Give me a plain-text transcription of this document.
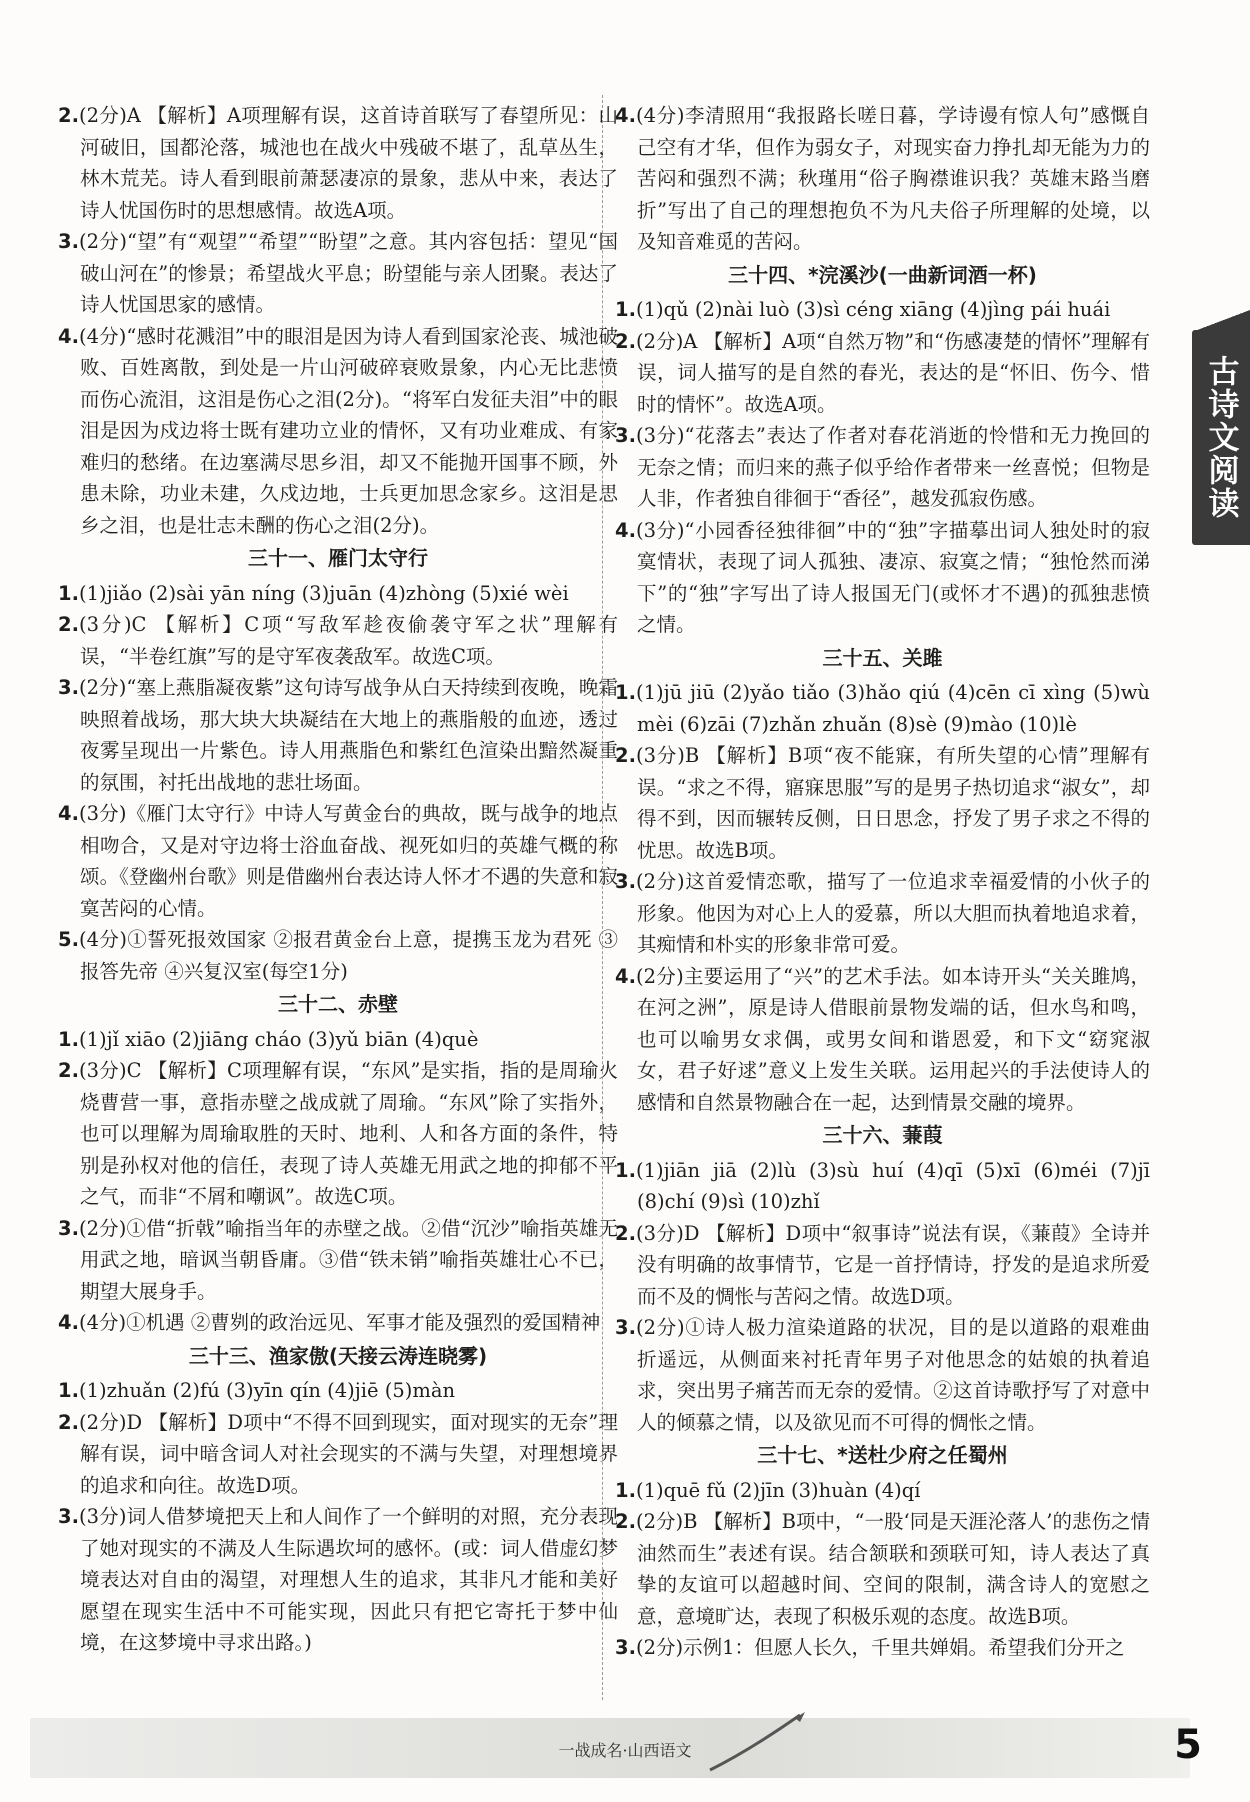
2.(2分)A 【解析】A项理解有误，这首诗首联写了春望所见：山河破旧，国都沦落，城池也在战火中残破不堪了，乱草丛生，林木荒芜。诗人看到眼前萧瑟凄凉的景象，悲从中来，表达了诗人忧国伤时的思想感情。故选A项。

3.(2分)“望”有“观望”“希望”“盼望”之意。其内容包括：望见“国破山河在”的惨景；希望战火平息；盼望能与亲人团聚。表达了诗人忧国思家的感情。

4.(4分)“感时花溅泪”中的眼泪是因为诗人看到国家沦丧、城池破败、百姓离散，到处是一片山河破碎衰败景象，内心无比悲愤而伤心流泪，这泪是伤心之泪(2分)。“将军白发征夫泪”中的眼泪是因为戍边将士既有建功立业的情怀，又有功业难成、有家难归的愁绪。在边塞满尽思乡泪，却又不能抛开国事不顾，外患未除，功业未建，久戍边地，士兵更加思念家乡。这泪是思乡之泪，也是壮志未酬的伤心之泪(2分)。

三十一、雁门太守行

1.(1)jiǎo (2)sài yān níng (3)juān (4)zhòng (5)xié wèi

2.(3分)C 【解析】C项“写敌军趁夜偷袭守军之状”理解有误，“半卷红旗”写的是守军夜袭敌军。故选C项。

3.(2分)“塞上燕脂凝夜紫”这句诗写战争从白天持续到夜晚，晚霜映照着战场，那大块大块凝结在大地上的燕脂般的血迹，透过夜雾呈现出一片紫色。诗人用燕脂色和紫红色渲染出黯然凝重的氛围，衬托出战地的悲壮场面。

4.(3分)《雁门太守行》中诗人写黄金台的典故，既与战争的地点相吻合，又是对守边将士浴血奋战、视死如归的英雄气概的称颂。《登幽州台歌》则是借幽州台表达诗人怀才不遇的失意和寂寞苦闷的心情。

5.(4分)①誓死报效国家 ②报君黄金台上意，提携玉龙为君死 ③报答先帝 ④兴复汉室(每空1分)

三十二、赤壁

1.(1)jǐ xiāo (2)jiāng cháo (3)yǔ biān (4)què

2.(3分)C 【解析】C项理解有误，“东风”是实指，指的是周瑜火烧曹营一事，意指赤壁之战成就了周瑜。“东风”除了实指外，也可以理解为周瑜取胜的天时、地利、人和各方面的条件，特别是孙权对他的信任，表现了诗人英雄无用武之地的抑郁不平之气，而非“不屑和嘲讽”。故选C项。

3.(2分)①借“折戟”喻指当年的赤壁之战。②借“沉沙”喻指英雄无用武之地，暗讽当朝昏庸。③借“铁未销”喻指英雄壮心不已，期望大展身手。

4.(4分)①机遇 ②曹刿的政治远见、军事才能及强烈的爱国精神

三十三、渔家傲(天接云涛连晓雾)

1.(1)zhuǎn (2)fú (3)yīn qín (4)jiē (5)màn

2.(2分)D 【解析】D项中“不得不回到现实，面对现实的无奈”理解有误，词中暗含词人对社会现实的不满与失望，对理想境界的追求和向往。故选D项。

3.(3分)词人借梦境把天上和人间作了一个鲜明的对照，充分表现了她对现实的不满及人生际遇坎坷的感怀。(或：词人借虚幻梦境表达对自由的渴望，对理想人生的追求，其非凡才能和美好愿望在现实生活中不可能实现，因此只有把它寄托于梦中仙境，在这梦境中寻求出路。)

4.(4分)李清照用“我报路长嗟日暮，学诗谩有惊人句”感慨自己空有才华，但作为弱女子，对现实奋力挣扎却无能为力的苦闷和强烈不满；秋瑾用“俗子胸襟谁识我？英雄末路当磨折”写出了自己的理想抱负不为凡夫俗子所理解的处境，以及知音难觅的苦闷。

三十四、*浣溪沙(一曲新词酒一杯)

1.(1)qǔ (2)nài luò (3)sì céng xiāng (4)jìng pái huái

2.(2分)A 【解析】A项“自然万物”和“伤感凄楚的情怀”理解有误，词人描写的是自然的春光，表达的是“怀旧、伤今、惜时的情怀”。故选A项。

3.(3分)“花落去”表达了作者对春花消逝的怜惜和无力挽回的无奈之情；而归来的燕子似乎给作者带来一丝喜悦；但物是人非，作者独自徘徊于“香径”，越发孤寂伤感。

4.(3分)“小园香径独徘徊”中的“独”字描摹出词人独处时的寂寞情状，表现了词人孤独、凄凉、寂寞之情；“独怆然而涕下”的“独”字写出了诗人报国无门(或怀才不遇)的孤独悲愤之情。

三十五、关雎

1.(1)jū jiū (2)yǎo tiǎo (3)hǎo qiú (4)cēn cī xìng (5)wù mèi (6)zāi (7)zhǎn zhuǎn (8)sè (9)mào (10)lè

2.(3分)B 【解析】B项“夜不能寐，有所失望的心情”理解有误。“求之不得，寤寐思服”写的是男子热切追求“淑女”，却得不到，因而辗转反侧，日日思念，抒发了男子求之不得的忧思。故选B项。

3.(2分)这首爱情恋歌，描写了一位追求幸福爱情的小伙子的形象。他因为对心上人的爱慕，所以大胆而执着地追求着，其痴情和朴实的形象非常可爱。

4.(2分)主要运用了“兴”的艺术手法。如本诗开头“关关雎鸠，在河之洲”，原是诗人借眼前景物发端的话，但水鸟和鸣，也可以喻男女求偶，或男女间和谐恩爱，和下文“窈窕淑女，君子好逑”意义上发生关联。运用起兴的手法使诗人的感情和自然景物融合在一起，达到情景交融的境界。

三十六、蒹葭

1.(1)jiān jiā (2)lù (3)sù huí (4)qī (5)xī (6)méi (7)jī (8)chí (9)sì (10)zhǐ

2.(3分)D 【解析】D项中“叙事诗”说法有误，《蒹葭》全诗并没有明确的故事情节，它是一首抒情诗，抒发的是追求所爱而不及的惆怅与苦闷之情。故选D项。

3.(2分)①诗人极力渲染道路的状况，目的是以道路的艰难曲折遥远，从侧面来衬托青年男子对他思念的姑娘的执着追求，突出男子痛苦而无奈的爱情。②这首诗歌抒写了对意中人的倾慕之情，以及欲见而不可得的惆怅之情。

三十七、*送杜少府之任蜀州

1.(1)quē fǔ (2)jīn (3)huàn (4)qí

2.(2分)B 【解析】B项中，“一股‘同是天涯沦落人’的悲伤之情油然而生”表述有误。结合颔联和颈联可知，诗人表达了真挚的友谊可以超越时间、空间的限制，满含诗人的宽慰之意，意境旷达，表现了积极乐观的态度。故选B项。

3.(2分)示例1：但愿人长久，千里共婵娟。希望我们分开之

古诗文阅读
一战成名·山西语文	5
